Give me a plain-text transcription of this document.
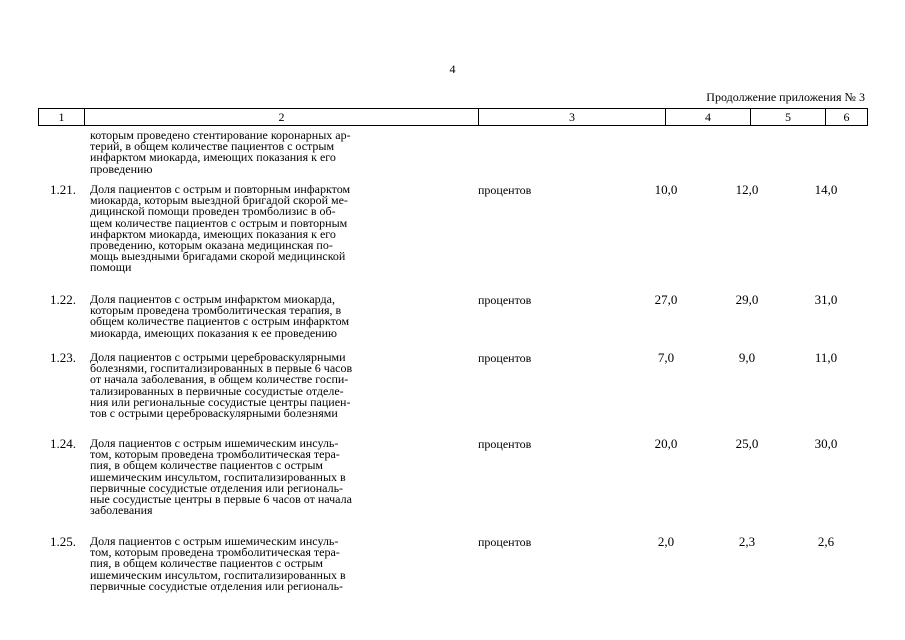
4
Продолжение приложения № 3
1	2	3	4	5	6
которым проведено стентирование коронарных ар-
терий, в общем количестве пациентов с острым
инфарктом миокарда, имеющих показания к его
проведению
1.21. Доля пациентов с острым и повторным инфарктом
миокарда, которым выездной бригадой скорой ме-
дицинской помощи проведен тромболизис в об-
щем количестве пациентов с острым и повторным
инфарктом миокарда, имеющих показания к его
проведению, которым оказана медицинская по-
мощь выездными бригадами скорой медицинской
помощи
процентов	10,0	12,0	14,0
1.22. Доля пациентов с острым инфарктом миокарда,
которым проведена тромболитическая терапия, в
общем количестве пациентов с острым инфарктом
миокарда, имеющих показания к ее проведению
процентов	27,0	29,0	31,0
1.23. Доля пациентов с острыми цереброваскулярными
болезнями, госпитализированных в первые 6 часов
от начала заболевания, в общем количестве госпи-
тализированных в первичные сосудистые отделе-
ния или региональные сосудистые центры пациен-
тов с острыми цереброваскулярными болезнями
процентов	7,0	9,0	11,0
1.24. Доля пациентов с острым ишемическим инсуль-
том, которым проведена тромболитическая тера-
пия, в общем количестве пациентов с острым
ишемическим инсультом, госпитализированных в
первичные сосудистые отделения или региональ-
ные сосудистые центры в первые 6 часов от начала
заболевания
процентов	20,0	25,0	30,0
1.25. Доля пациентов с острым ишемическим инсуль-
том, которым проведена тромболитическая тера-
пия, в общем количестве пациентов с острым
ишемическим инсультом, госпитализированных в
первичные сосудистые отделения или региональ-
процентов	2,0	2,3	2,6
